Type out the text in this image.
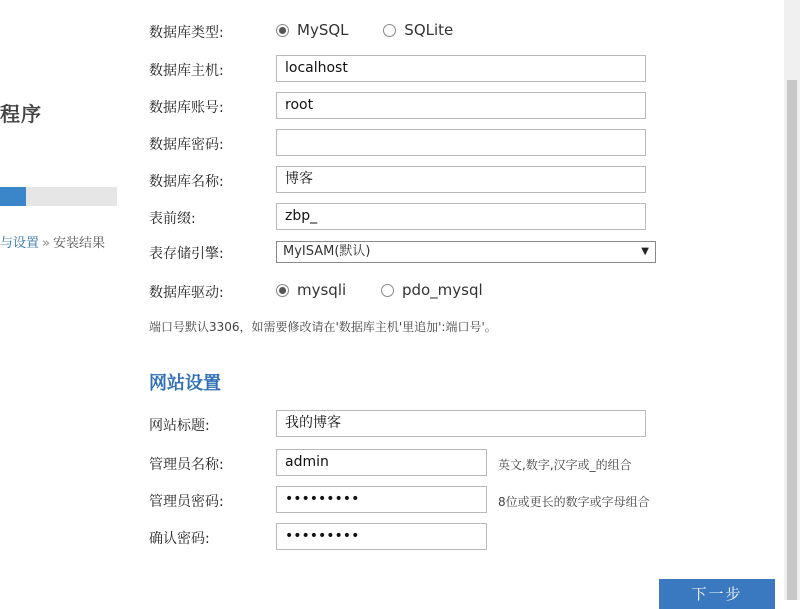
程序
与设置 » 安装结果
数据库类型:	MySQL
	SQLite
数据库主机:	localhost
数据库账号:	root
数据库密码:
数据库名称:	博客
表前缀:	zbp_
表存储引擎:	MyISAM(默认)	▼
数据库驱动:	mysqli
	pdo_mysql
端口号默认3306，如需要修改请在'数据库主机'里追加':端口号'。
网站设置
网站标题:	我的博客
管理员名称:	admin	英文,数字,汉字或_的组合
管理员密码:	•••••••••	8位或更长的数字或字母组合
确认密码:	•••••••••
下一步
